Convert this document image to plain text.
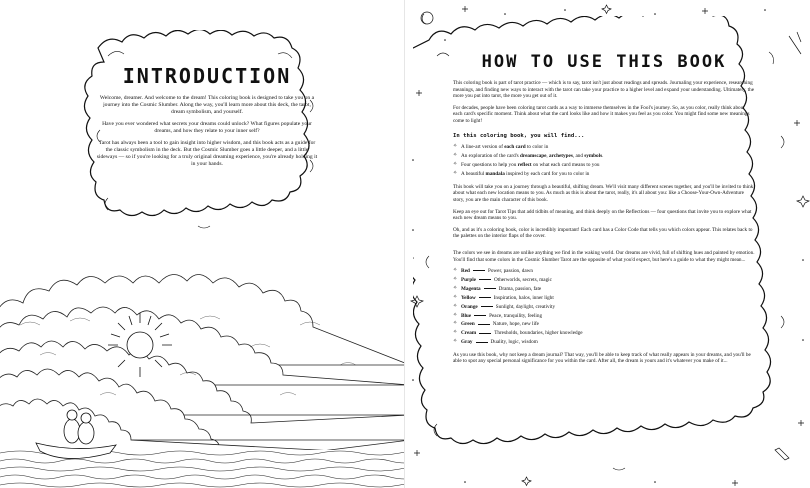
INTRODUCTION

Welcome, dreamer. And welcome to the dream! This coloring book is designed to take you on a journey into the Cosmic Slumber. Along the way, you'll learn more about this deck, the tarot, dream symbolism, and yourself.

Have you ever wondered what secrets your dreams could unlock? What figures populate your dreams, and how they relate to your inner self?

Tarot has always been a tool to gain insight into higher wisdom, and this book acts as a guide for the classic symbolism in the deck. But the Cosmic Slumber goes a little deeper, and a little sideways — so if you're looking for a truly original dreaming experience, you're already holding it in your hands.

HOW TO USE THIS BOOK

This coloring book is part of tarot practice — which is to say, tarot isn't just about readings and spreads. Journaling your experience, researching meanings, and finding new ways to interact with the tarot can take your practice to a higher level and expand your understanding. Ultimately, the more you put into tarot, the more you get out of it.

For decades, people have been coloring tarot cards as a way to immerse themselves in the Fool's journey. So, as you color, really think about each card's specific moment. Think about what the card looks like and how it makes you feel as you color. You might find some new meanings come to light!

In this coloring book, you will find...
✧ A line-art version of each card to color in
✧ An exploration of the card's dreamscape, archetypes, and symbols.
✧ Four questions to help you reflect on what each card means to you
✧ A beautiful mandala inspired by each card for you to color in

This book will take you on a journey through a beautiful, shifting dream. We'll visit many different scenes together, and you'll be invited to think about what each new location means to you. As much as this is about the tarot, really, it's all about you: like a Choose-Your-Own-Adventure story, you are the main character of this book.

Keep an eye out for Tarot Tips that add tidbits of meaning, and think deeply on the Reflections — four questions that invite you to explore what each new dream means to you.

Oh, and as it's a coloring book, color is incredibly important! Each card has a Color Code that tells you which colors appear. This relates back to the palettes on the interior flaps of the cover.

The colors we see in dreams are unlike anything we find in the waking world. Our dreams are vivid, full of shifting hues and painted by emotion. You'll find that some colors in the Cosmic Slumber Tarot are the opposite of what you'd expect, but here's a guide to what they might mean...

✧ Red	Power, passion, dawn
✧ Purple	Otherworlds, secrets, magic
✧ Magenta	Drama, passion, fate
✧ Yellow	Inspiration, halos, inner light
✧ Orange	Sunlight, daylight, creativity
✧ Blue	Peace, tranquility, feeling
✧ Green	Nature, hope, new life
✧ Cream	Thresholds, boundaries, higher knowledge
✧ Gray	Duality, logic, wisdom

As you use this book, why not keep a dream journal? That way, you'll be able to keep track of what really appears in your dreams, and you'll be able to spot any special personal significance for you within the card. After all, the dream is yours and it's whatever you make of it...
